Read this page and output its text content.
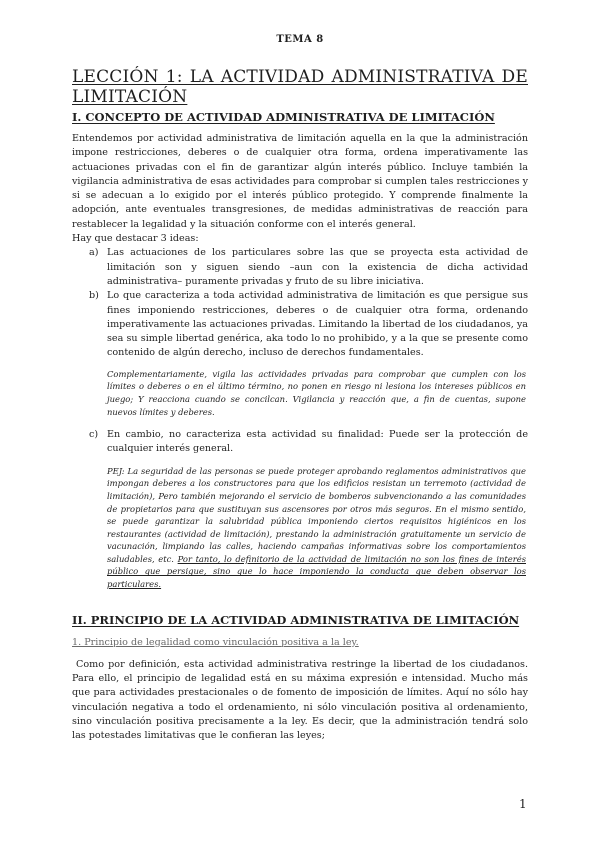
TEMA 8
LECCIÓN 1: LA ACTIVIDAD ADMINISTRATIVA DE LIMITACIÓN
I. CONCEPTO DE ACTIVIDAD ADMINISTRATIVA DE LIMITACIÓN

Entendemos por actividad administrativa de limitación aquella en la que la administración impone restricciones, deberes o de cualquier otra forma, ordena imperativamente las actuaciones privadas con el fin de garantizar algún interés público. Incluye también la vigilancia administrativa de esas actividades para comprobar si cumplen tales restricciones y si se adecuan a lo exigido por el interés público protegido. Y comprende finalmente la adopción, ante eventuales transgresiones, de medidas administrativas de reacción para restablecer la legalidad y la situación conforme con el interés general.

Hay que destacar 3 ideas:

a) Las actuaciones de los particulares sobre las que se proyecta esta actividad de limitación son y siguen siendo –aun con la existencia de dicha actividad administrativa– puramente privadas y fruto de su libre iniciativa.
b) Lo que caracteriza a toda actividad administrativa de limitación es que persigue sus fines imponiendo restricciones, deberes o de cualquier otra forma, ordenando imperativamente las actuaciones privadas. Limitando la libertad de los ciudadanos, ya sea su simple libertad genérica, aka todo lo no prohibido, y a la que se presente como contenido de algún derecho, incluso de derechos fundamentales.

Complementariamente, vigila las actividades privadas para comprobar que cumplen con los límites o deberes o en el último término, no ponen en riesgo ni lesiona los intereses públicos en juego; Y reacciona cuando se concilcan. Vigilancia y reacción que, a fin de cuentas, supone nuevos límites y deberes.

c) En cambio, no caracteriza esta actividad su finalidad: Puede ser la protección de cualquier interés general.

PEJ: La seguridad de las personas se puede proteger aprobando reglamentos administrativos que impongan deberes a los constructores para que los edificios resistan un terremoto (actividad de limitación), Pero también mejorando el servicio de bomberos subvencionando a las comunidades de propietarios para que sustituyan sus ascensores por otros más seguros. En el mismo sentido, se puede garantizar la salubridad pública imponiendo ciertos requisitos higiénicos en los restaurantes (actividad de limitación), prestando la administración gratuitamente un servicio de vacunación, limpiando las calles, haciendo campañas informativas sobre los comportamientos saludables, etc. Por tanto, lo definitorio de la actividad de limitación no son los fines de interés público que persigue, sino que lo hace imponiendo la conducta que deben observar los particulares.

II. PRINCIPIO DE LA ACTIVIDAD ADMINISTRATIVA DE LIMITACIÓN
1. Principio de legalidad como vinculación positiva a la ley.

Como por definición, esta actividad administrativa restringe la libertad de los ciudadanos. Para ello, el principio de legalidad está en su máxima expresión e intensidad. Mucho más que para actividades prestacionales o de fomento de imposición de límites. Aquí no sólo hay vinculación negativa a todo el ordenamiento, ni sólo vinculación positiva al ordenamiento, sino vinculación positiva precisamente a la ley. Es decir, que la administración tendrá solo las potestades limitativas que le confieran las leyes;

1
